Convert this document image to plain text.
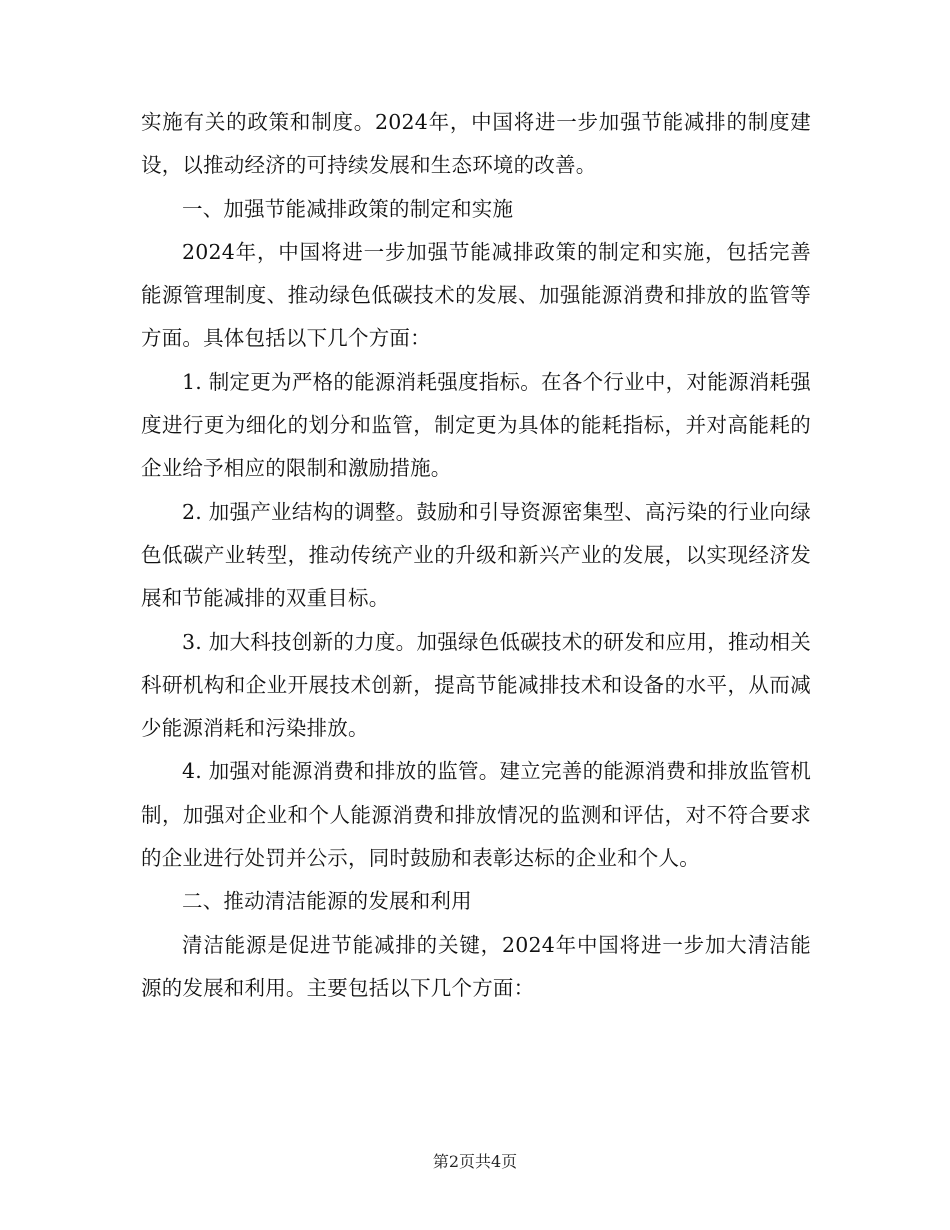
实施有关的政策和制度。2024年，中国将进一步加强节能减排的制度建设，以推动经济的可持续发展和生态环境的改善。

一、加强节能减排政策的制定和实施

2024年，中国将进一步加强节能减排政策的制定和实施，包括完善能源管理制度、推动绿色低碳技术的发展、加强能源消费和排放的监管等方面。具体包括以下几个方面：

1. 制定更为严格的能源消耗强度指标。在各个行业中，对能源消耗强度进行更为细化的划分和监管，制定更为具体的能耗指标，并对高能耗的企业给予相应的限制和激励措施。

2. 加强产业结构的调整。鼓励和引导资源密集型、高污染的行业向绿色低碳产业转型，推动传统产业的升级和新兴产业的发展，以实现经济发展和节能减排的双重目标。

3. 加大科技创新的力度。加强绿色低碳技术的研发和应用，推动相关科研机构和企业开展技术创新，提高节能减排技术和设备的水平，从而减少能源消耗和污染排放。

4. 加强对能源消费和排放的监管。建立完善的能源消费和排放监管机制，加强对企业和个人能源消费和排放情况的监测和评估，对不符合要求的企业进行处罚并公示，同时鼓励和表彰达标的企业和个人。

二、推动清洁能源的发展和利用

清洁能源是促进节能减排的关键，2024年中国将进一步加大清洁能源的发展和利用。主要包括以下几个方面：

第2页共4页
